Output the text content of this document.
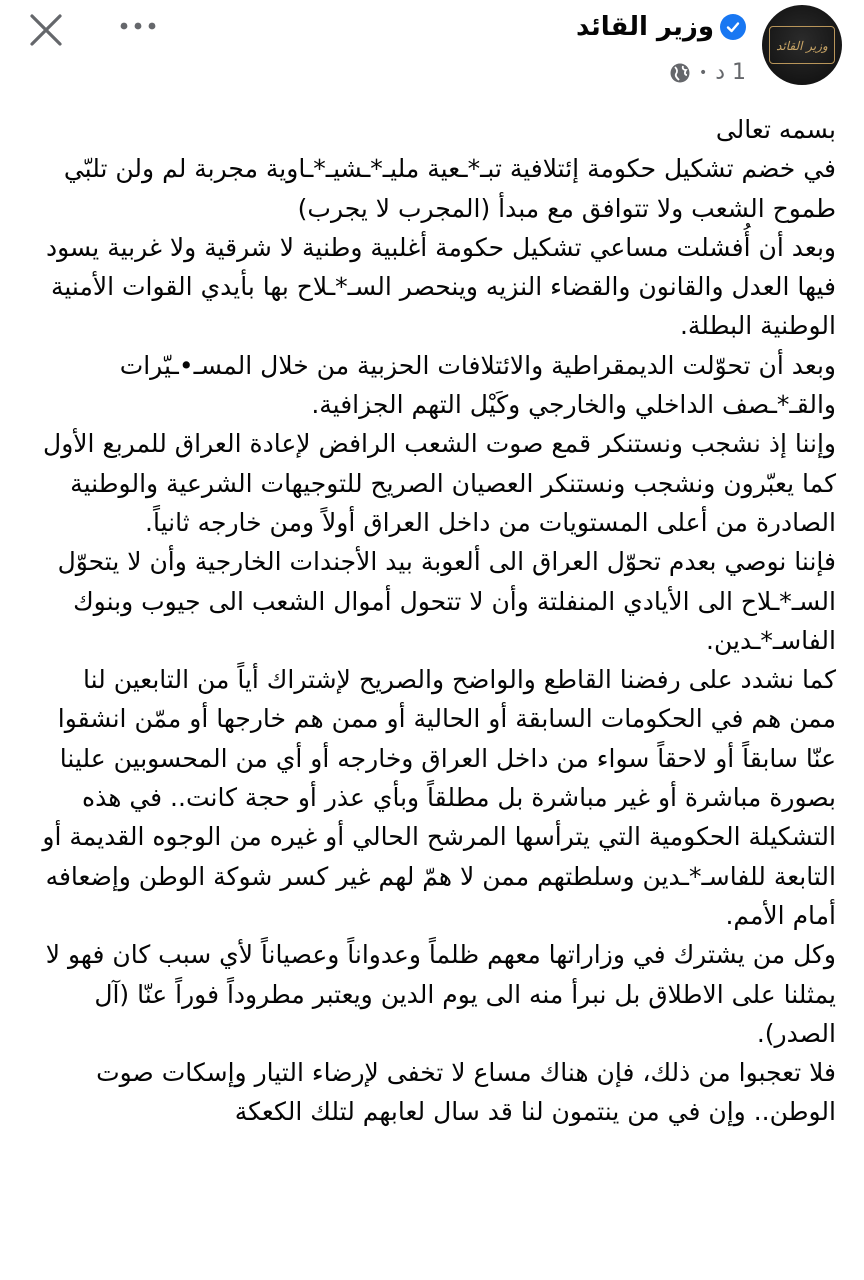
وزير القائد
وزير القائد
• 1 د

بسمه تعالى

في خضم تشكيل حكومة إئتلافية تبـ*ـعية مليـ*ـشيـ*ـاوية مجربة لم ولن تلبّي طموح الشعب ولا تتوافق مع مبدأ (المجرب لا يجرب)

وبعد أن أُفشلت مساعي تشكيل حكومة أغلبية وطنية لا شرقية ولا غربية يسود فيها العدل والقانون والقضاء النزيه وينحصر السـ*ـلاح بها بأيدي القوات الأمنية الوطنية البطلة.

وبعد أن تحوّلت الديمقراطية والائتلافات الحزبية من خلال المسـ•ـيّرات والقـ*ـصف الداخلي والخارجي وكَيْل التهم الجزافية.

وإننا إذ نشجب ونستنكر قمع صوت الشعب الرافض لإعادة العراق للمربع الأول كما يعبّرون ونشجب ونستنكر العصيان الصريح للتوجيهات الشرعية والوطنية الصادرة من أعلى المستويات من داخل العراق أولاً ومن خارجه ثانياً.

فإننا نوصي بعدم تحوّل العراق الى ألعوبة بيد الأجندات الخارجية وأن لا يتحوّل السـ*ـلاح الى الأيادي المنفلتة وأن لا تتحول أموال الشعب الى جيوب وبنوك الفاسـ*ـدين.

كما نشدد على رفضنا القاطع والواضح والصريح لإشتراك أياً من التابعين لنا ممن هم في الحكومات السابقة أو الحالية أو ممن هم خارجها أو ممّن انشقوا عنّا سابقاً أو لاحقاً سواء من داخل العراق وخارجه أو أي من المحسوبين علينا بصورة مباشرة أو غير مباشرة بل مطلقاً وبأي عذر أو حجة كانت.. في هذه التشكيلة الحكومية التي يترأسها المرشح الحالي أو غيره من الوجوه القديمة أو التابعة للفاسـ*ـدين وسلطتهم ممن لا همّ لهم غير كسر شوكة الوطن وإضعافه أمام الأمم.

وكل من يشترك في وزاراتها معهم ظلماً وعدواناً وعصياناً لأي سبب كان فهو لا يمثلنا على الاطلاق بل نبرأ منه الى يوم الدين ويعتبر مطروداً فوراً عنّا (آل الصدر).

فلا تعجبوا من ذلك، فإن هناك مساع لا تخفى لإرضاء التيار وإسكات صوت الوطن.. وإن في من ينتمون لنا قد سال لعابهم لتلك الكعكة
